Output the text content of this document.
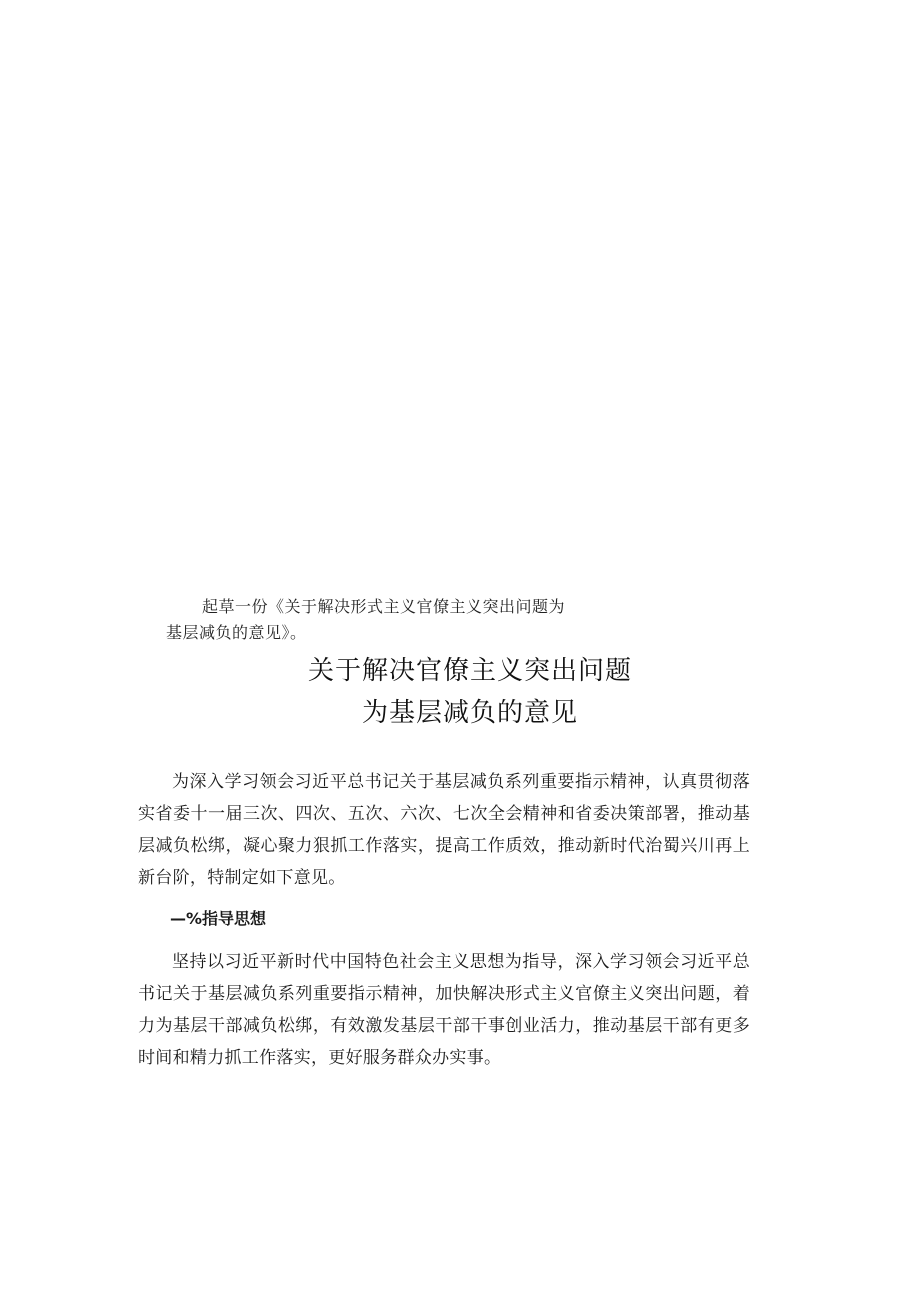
起草一份《关于解决形式主义官僚主义突出问题为
基层减负的意见》。
关于解决官僚主义突出问题
为基层减负的意见

为深入学习领会习近平总书记关于基层减负系列重要指示精神，认真贯彻落实省委十一届三次、四次、五次、六次、七次全会精神和省委决策部署，推动基层减负松绑，凝心聚力狠抓工作落实，提高工作质效，推动新时代治蜀兴川再上新台阶，特制定如下意见。

—%指导思想

坚持以习近平新时代中国特色社会主义思想为指导，深入学习领会习近平总书记关于基层减负系列重要指示精神，加快解决形式主义官僚主义突出问题，着力为基层干部减负松绑，有效激发基层干部干事创业活力，推动基层干部有更多时间和精力抓工作落实，更好服务群众办实事。
